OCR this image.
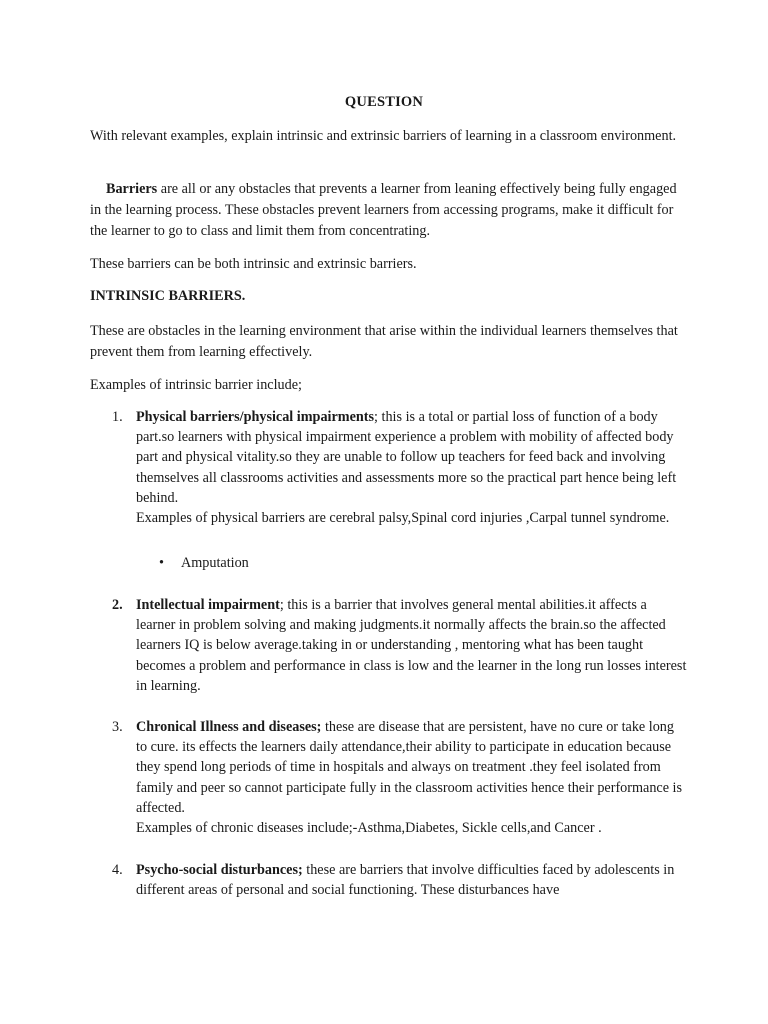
QUESTION
With relevant examples, explain intrinsic and extrinsic barriers of learning in a classroom environment.
Barriers are all or any obstacles that prevents a learner from leaning effectively being fully engaged in the learning process. These obstacles prevent learners from accessing programs, make it difficult for the learner to go to class and limit them from concentrating.
These barriers can be both intrinsic and extrinsic barriers.
INTRINSIC BARRIERS.
These are obstacles in the learning environment that arise within the individual learners themselves that prevent them from learning effectively.
Examples of intrinsic barrier include;
1. Physical barriers/physical impairments; this is a total or partial loss of function of a body part.so learners with physical impairment experience a problem with mobility of affected body part and physical vitality.so they are unable to follow up teachers for feed back and involving themselves all classrooms activities and assessments more so the practical part hence being left behind.
Examples of physical barriers are cerebral palsy,Spinal cord injuries ,Carpal tunnel syndrome.
• Amputation
2. Intellectual impairment; this is a barrier that involves general mental abilities.it affects a learner in problem solving and making judgments.it normally affects the brain.so the affected learners IQ is below average.taking in or understanding , mentoring what has been taught becomes a problem and performance in class is low and the learner in the long run losses interest in learning.
3. Chronical Illness and diseases; these are disease that are persistent, have no cure or take long to cure. its effects the learners daily attendance,their ability to participate in education because they spend long periods of time in hospitals and always on treatment .they feel isolated from family and peer so cannot participate fully in the classroom activities hence their performance is affected.
Examples of chronic diseases include;-Asthma,Diabetes, Sickle cells,and Cancer .
4. Psycho-social disturbances; these are barriers that involve difficulties faced by adolescents in different areas of personal and social functioning. These disturbances have
